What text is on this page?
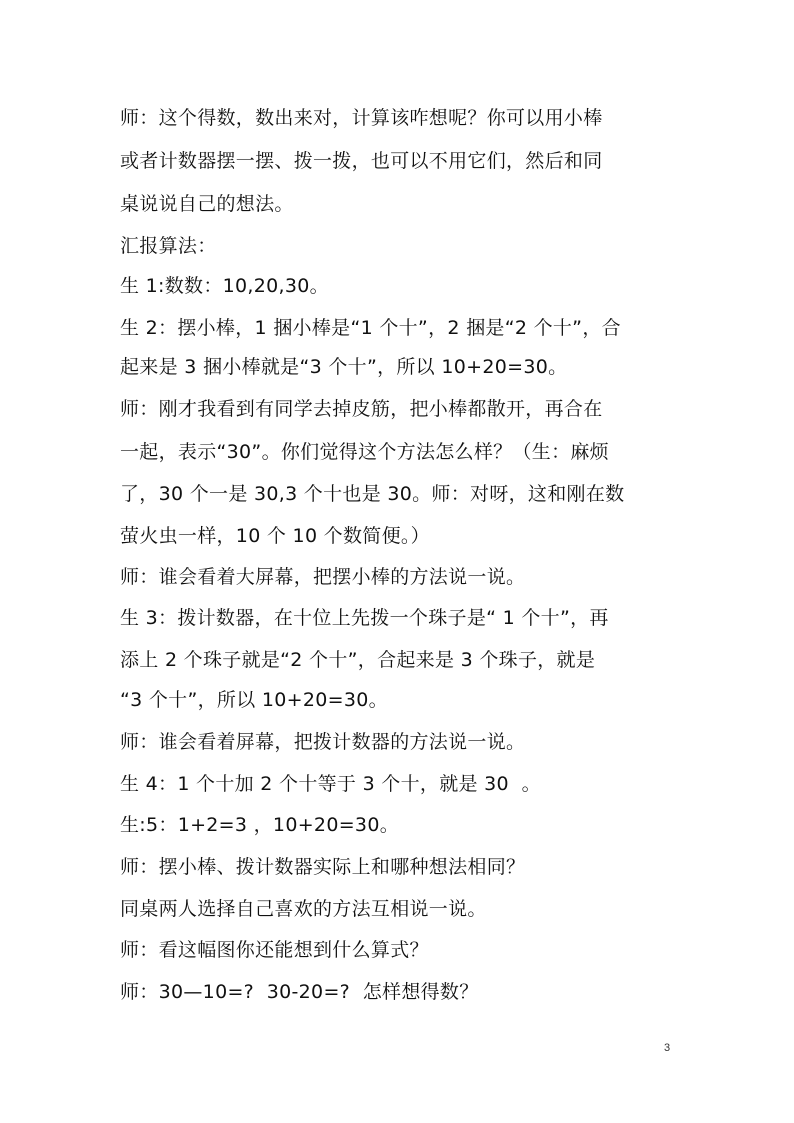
师：这个得数，数出来对，计算该咋想呢？你可以用小棒
或者计数器摆一摆、拨一拨，也可以不用它们，然后和同
桌说说自己的想法。
汇报算法：
生 1:数数：10,20,30。
生 2：摆小棒，1 捆小棒是“1 个十”，2 捆是“2 个十”，合
起来是 3 捆小棒就是“3 个十”，所以 10+20=30。
师：刚才我看到有同学去掉皮筋，把小棒都散开，再合在
一起，表示“30”。你们觉得这个方法怎么样？（生：麻烦
了，30 个一是 30,3 个十也是 30。师：对呀，这和刚在数
萤火虫一样，10 个 10 个数简便。）
师：谁会看着大屏幕，把摆小棒的方法说一说。
生 3：拨计数器，在十位上先拨一个珠子是“ 1 个十”，再
添上 2 个珠子就是“2 个十”，合起来是 3 个珠子，就是
“3 个十”，所以 10+20=30。
师：谁会看着屏幕，把拨计数器的方法说一说。
生 4：1 个十加 2 个十等于 3 个十，就是 30  。
生:5：1+2=3 ，10+20=30。
师：摆小棒、拨计数器实际上和哪种想法相同？
同桌两人选择自己喜欢的方法互相说一说。
师：看这幅图你还能想到什么算式？
师：30—10=?  30-20=?  怎样想得数？
3
